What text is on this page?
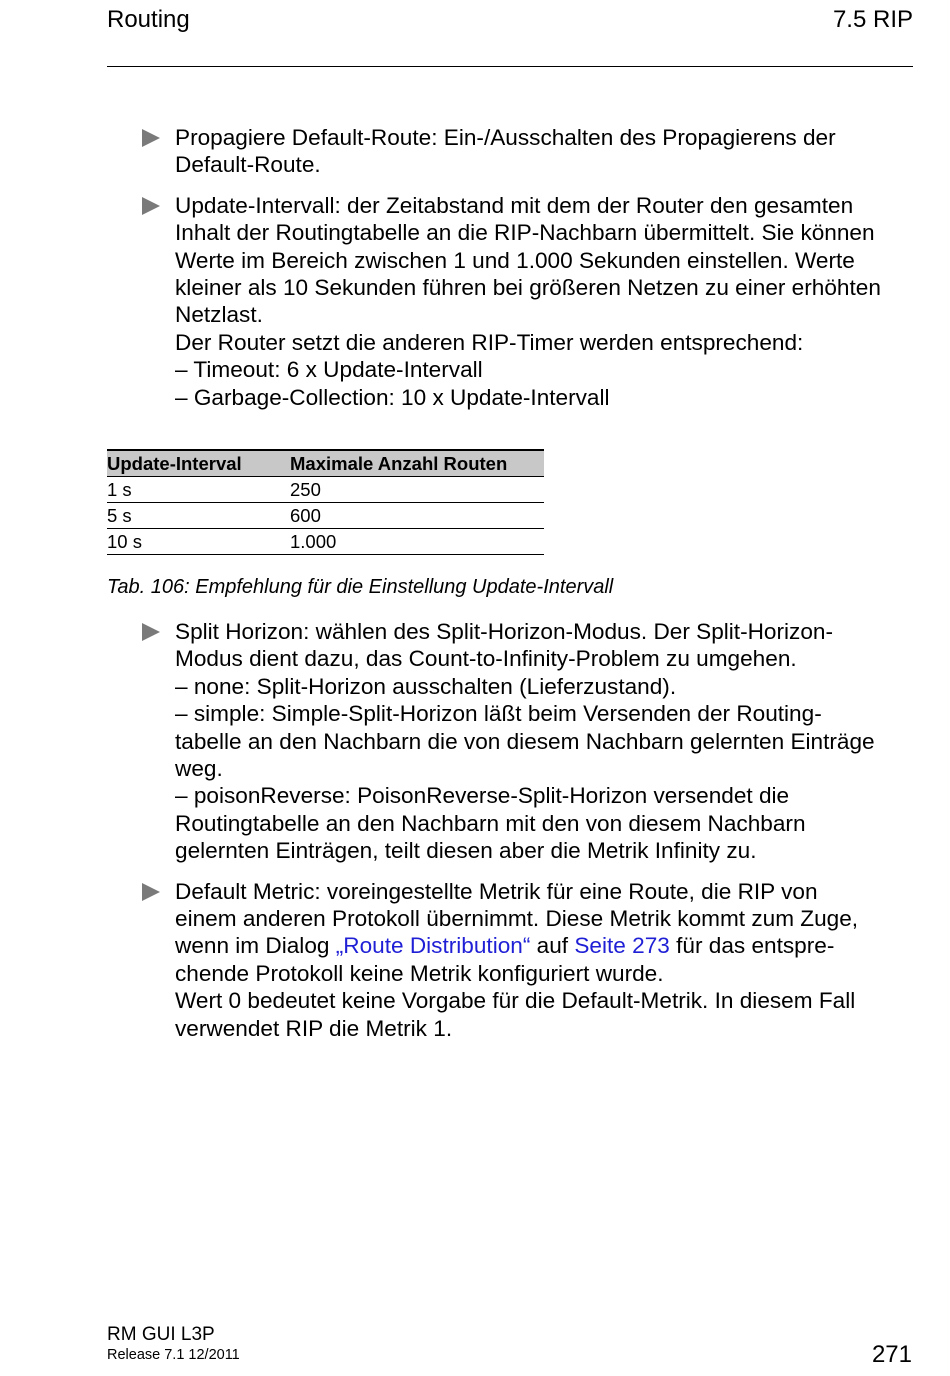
Routing	7.5 RIP
Propagiere Default-Route: Ein-/Ausschalten des Propagierens der
Default-Route.
Update-Intervall: der Zeitabstand mit dem der Router den gesamten
Inhalt der Routingtabelle an die RIP-Nachbarn übermittelt. Sie können
Werte im Bereich zwischen 1 und 1.000 Sekunden einstellen. Werte
kleiner als 10 Sekunden führen bei größeren Netzen zu einer erhöhten
Netzlast.
Der Router setzt die anderen RIP-Timer werden entsprechend:
– Timeout: 6 x Update-Intervall
– Garbage-Collection: 10 x Update-Intervall
Update-Interval	Maximale Anzahl Routen
1 s	250
5 s	600
10 s	1.000
Tab. 106: Empfehlung für die Einstellung Update-Intervall
Split Horizon: wählen des Split-Horizon-Modus. Der Split-Horizon-
Modus dient dazu, das Count-to-Infinity-Problem zu umgehen.
– none: Split-Horizon ausschalten (Lieferzustand).
– simple: Simple-Split-Horizon läßt beim Versenden der Routing-
tabelle an den Nachbarn die von diesem Nachbarn gelernten Einträge
weg.
– poisonReverse: PoisonReverse-Split-Horizon versendet die
Routingtabelle an den Nachbarn mit den von diesem Nachbarn
gelernten Einträgen, teilt diesen aber die Metrik Infinity zu.
Default Metric: voreingestellte Metrik für eine Route, die RIP von
einem anderen Protokoll übernimmt. Diese Metrik kommt zum Zuge,
wenn im Dialog „Route Distribution“ auf Seite 273 für das entspre-
chende Protokoll keine Metrik konfiguriert wurde.
Wert 0 bedeutet keine Vorgabe für die Default-Metrik. In diesem Fall
verwendet RIP die Metrik 1.
RM GUI L3P
Release 7.1 12/2011	271
